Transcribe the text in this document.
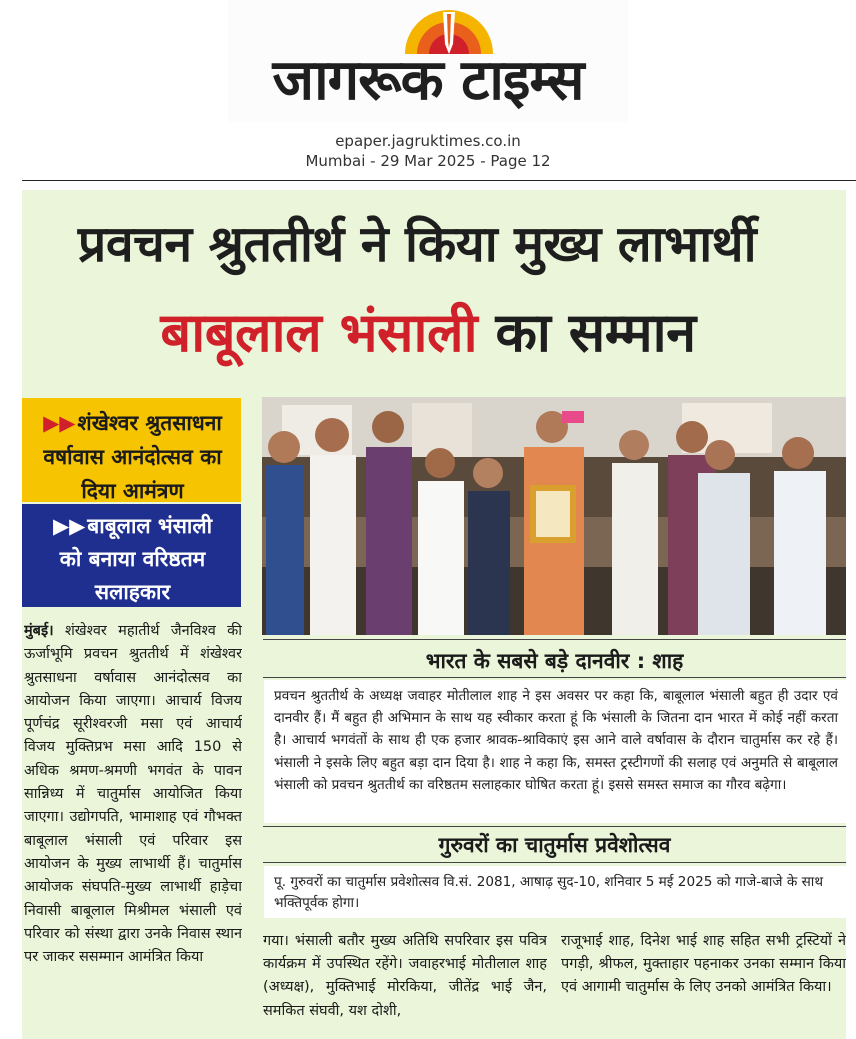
जागरूक टाइम्स
epaper.jagruktimes.co.in
Mumbai - 29 Mar 2025 - Page 12
प्रवचन श्रुततीर्थ ने किया मुख्य लाभार्थी
बाबूलाल भंसाली का सम्मान
▶▶शंखेश्वर श्रुतसाधना
वर्षावास आनंदोत्सव का
दिया आमंत्रण
▶▶बाबूलाल भंसाली
को बनाया वरिष्ठतम
सलाहकार
मुंबई। शंखेश्वर महातीर्थ जैनविश्व की ऊर्जाभूमि प्रवचन श्रुततीर्थ में शंखेश्वर श्रुतसाधना वर्षावास आनंदोत्सव का आयोजन किया जाएगा। आचार्य विजय पूर्णचंद्र सूरीश्वरजी मसा एवं आचार्य विजय मुक्तिप्रभ मसा आदि 150 से अधिक श्रमण-श्रमणी भगवंत के पावन सान्निध्य में चातुर्मास आयोजित किया जाएगा। उद्योगपति, भामाशाह एवं गौभक्त बाबूलाल भंसाली एवं परिवार इस आयोजन के मुख्य लाभार्थी हैं। चातुर्मास आयोजक संघपति-मुख्य लाभार्थी हाड़ेचा निवासी बाबूलाल मिश्रीमल भंसाली एवं परिवार को संस्था द्वारा उनके निवास स्थान पर जाकर ससम्मान आमंत्रित किया
भारत के सबसे बड़े दानवीर : शाह
प्रवचन श्रुततीर्थ के अध्यक्ष जवाहर मोतीलाल शाह ने इस अवसर पर कहा कि, बाबूलाल भंसाली बहुत ही उदार एवं दानवीर हैं। मैं बहुत ही अभिमान के साथ यह स्वीकार करता हूं कि भंसाली के जितना दान भारत में कोई नहीं करता है। आचार्य भगवंतों के साथ ही एक हजार श्रावक-श्राविकाएं इस आने वाले वर्षावास के दौरान चातुर्मास कर रहे हैं। भंसाली ने इसके लिए बहुत बड़ा दान दिया है। शाह ने कहा कि, समस्त ट्रस्टीगणों की सलाह एवं अनुमति से बाबूलाल भंसाली को प्रवचन श्रुततीर्थ का वरिष्ठतम सलाहकार घोषित करता हूं। इससे समस्त समाज का गौरव बढ़ेगा।
गुरुवरों का चातुर्मास प्रवेशोत्सव
पू. गुरुवरों का चातुर्मास प्रवेशोत्सव वि.सं. 2081, आषाढ़ सुद-10, शनिवार 5 मई 2025 को गाजे-बाजे के साथ भक्तिपूर्वक होगा।
गया। भंसाली बतौर मुख्य अतिथि सपरिवार इस पवित्र कार्यक्रम में उपस्थित रहेंगे। जवाहरभाई मोतीलाल शाह (अध्यक्ष), मुक्तिभाई मोरकिया, जीतेंद्र भाई जैन, समकित संघवी, यश दोशी,
राजूभाई शाह, दिनेश भाई शाह सहित सभी ट्रस्टियों ने पगड़ी, श्रीफल, मुक्ताहार पहनाकर उनका सम्मान किया एवं आगामी चातुर्मास के लिए उनको आमंत्रित किया।
